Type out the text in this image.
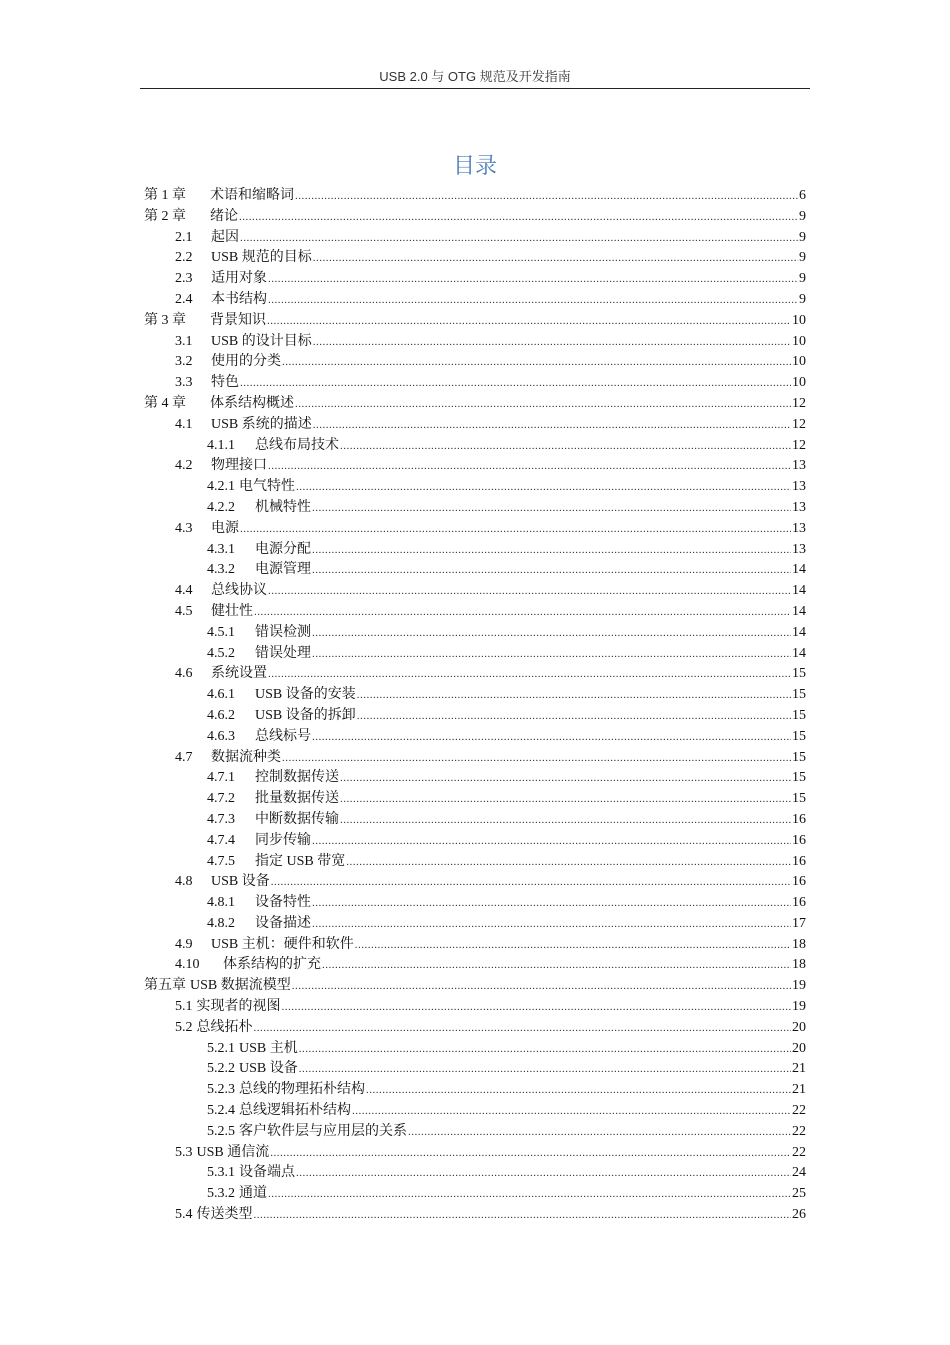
USB 2.0 与 OTG 规范及开发指南
目录
第 1 章	术语和缩略词 .....	6
第 2 章	绪论 .....	9
2.1	起因 .....	9
2.2	USB 规范的目标 .....	9
2.3	适用对象 .....	9
2.4	本书结构 .....	9
第 3 章	背景知识 .....	10
3.1	USB 的设计目标 .....	10
3.2	使用的分类 .....	10
3.3	特色 .....	10
第 4 章	体系结构概述 .....	12
4.1	USB 系统的描述 .....	12
4.1.1	总线布局技术 .....	12
4.2	物理接口 .....	13
4.2.1 电气特性 .....	13
4.2.2	机械特性 .....	13
4.3	电源 .....	13
4.3.1	电源分配 .....	13
4.3.2	电源管理 .....	14
4.4	总线协议 .....	14
4.5	健壮性 .....	14
4.5.1	错误检测 .....	14
4.5.2	错误处理 .....	14
4.6	系统设置 .....	15
4.6.1	USB 设备的安装 .....	15
4.6.2	USB 设备的拆卸 .....	15
4.6.3	总线标号 .....	15
4.7	数据流种类 .....	15
4.7.1	控制数据传送 .....	15
4.7.2	批量数据传送 .....	15
4.7.3	中断数据传输 .....	16
4.7.4	同步传输 .....	16
4.7.5	指定 USB 带宽 .....	16
4.8	USB 设备 .....	16
4.8.1	设备特性 .....	16
4.8.2	设备描述 .....	17
4.9	USB 主机：硬件和软件 .....	18
4.10	体系结构的扩充 .....	18
第五章 USB 数据流模型 .....	19
5.1 实现者的视图 .....	19
5.2 总线拓朴 .....	20
5.2.1 USB 主机 .....	20
5.2.2 USB 设备 .....	21
5.2.3 总线的物理拓朴结构 .....	21
5.2.4 总线逻辑拓朴结构 .....	22
5.2.5 客户软件层与应用层的关系 .....	22
5.3 USB 通信流 .....	22
5.3.1 设备端点 .....	24
5.3.2 通道 .....	25
5.4 传送类型 .....	26
